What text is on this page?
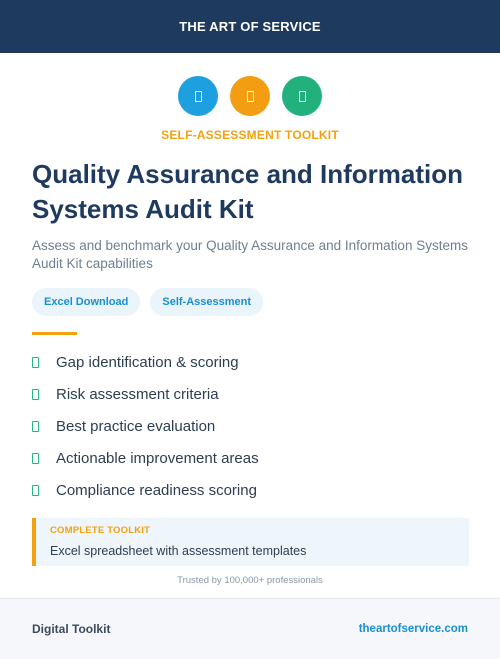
THE ART OF SERVICE
SELF-ASSESSMENT TOOLKIT
Quality Assurance and Information Systems Audit Kit

Assess and benchmark your Quality Assurance and Information Systems Audit Kit capabilities

Excel Download	Self-Assessment
Gap identification & scoring
Risk assessment criteria
Best practice evaluation
Actionable improvement areas
Compliance readiness scoring
COMPLETE TOOLKIT
Excel spreadsheet with assessment templates
Trusted by 100,000+ professionals
Digital Toolkit	theartofservice.com
